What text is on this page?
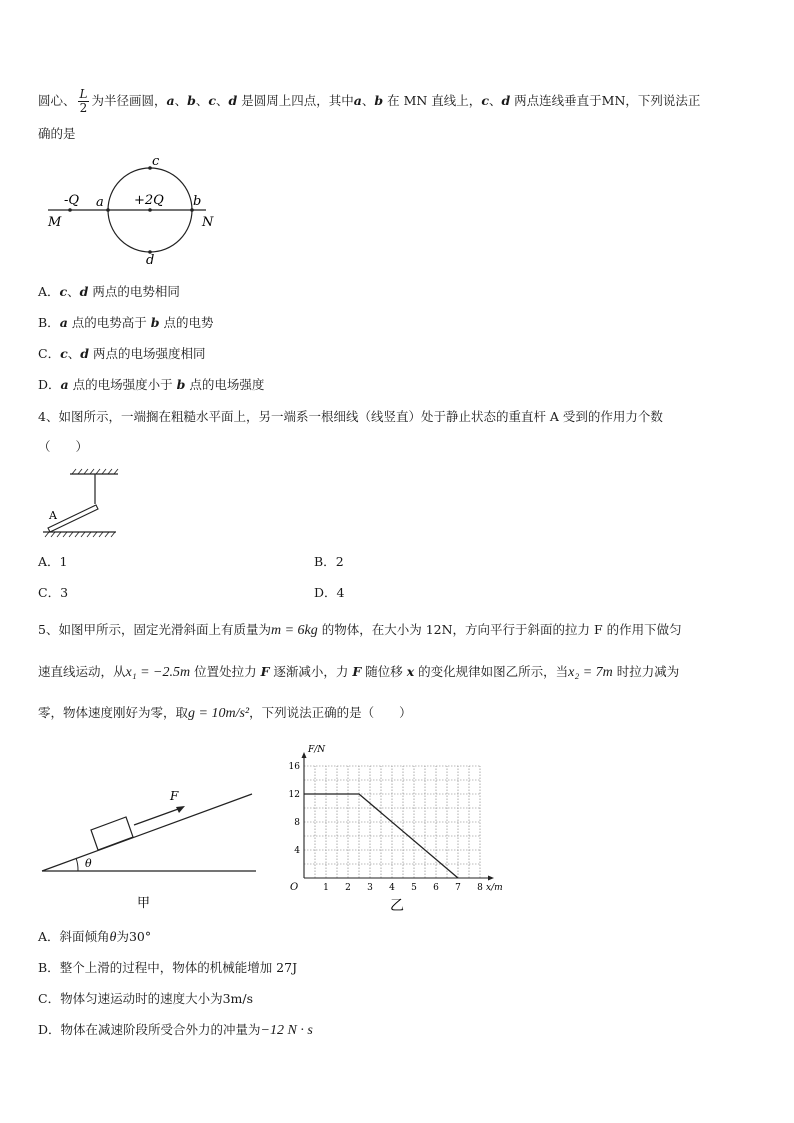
圆心、 $\frac{L}{2}$ 为半径画圆，a、b、c、d 是圆周上四点，其中a、b 在 MN 直线上，c、d 两点连线垂直于MN，下列说法正
确的是
c
d
-Q a +2Q b
M	N
A．c、d 两点的电势相同
B．a 点的电势高于 b 点的电势
C．c、d 两点的电场强度相同
D．a 点的电场强度小于 b 点的电场强度
4、如图所示，一端搁在粗糙水平面上，另一端系一根细线（线竖直）处于静止状态的重直杆 A 受到的作用力个数
（　　）
A
A．1	B．2
C．3	D．4
5、如图甲所示，固定光滑斜面上有质量为m = 6kg 的物体，在大小为 12N，方向平行于斜面的拉力 F 的作用下做匀
速直线运动，从x₁ = −2.5m 位置处拉力 F 逐渐减小，力 F 随位移 x 的变化规律如图乙所示，当x₂ = 7m 时拉力减为
零，物体速度刚好为零，取g = 10m/s²，下列说法正确的是（　　）
F
θ
甲
1 2 3 4 5 6 7 8
4
8
12
16
F/N
x/m
O
乙
A．斜面倾角θ为30°
B．整个上滑的过程中，物体的机械能增加 27J
C．物体匀速运动时的速度大小为3m/s
D．物体在减速阶段所受合外力的冲量为−12 N · s
